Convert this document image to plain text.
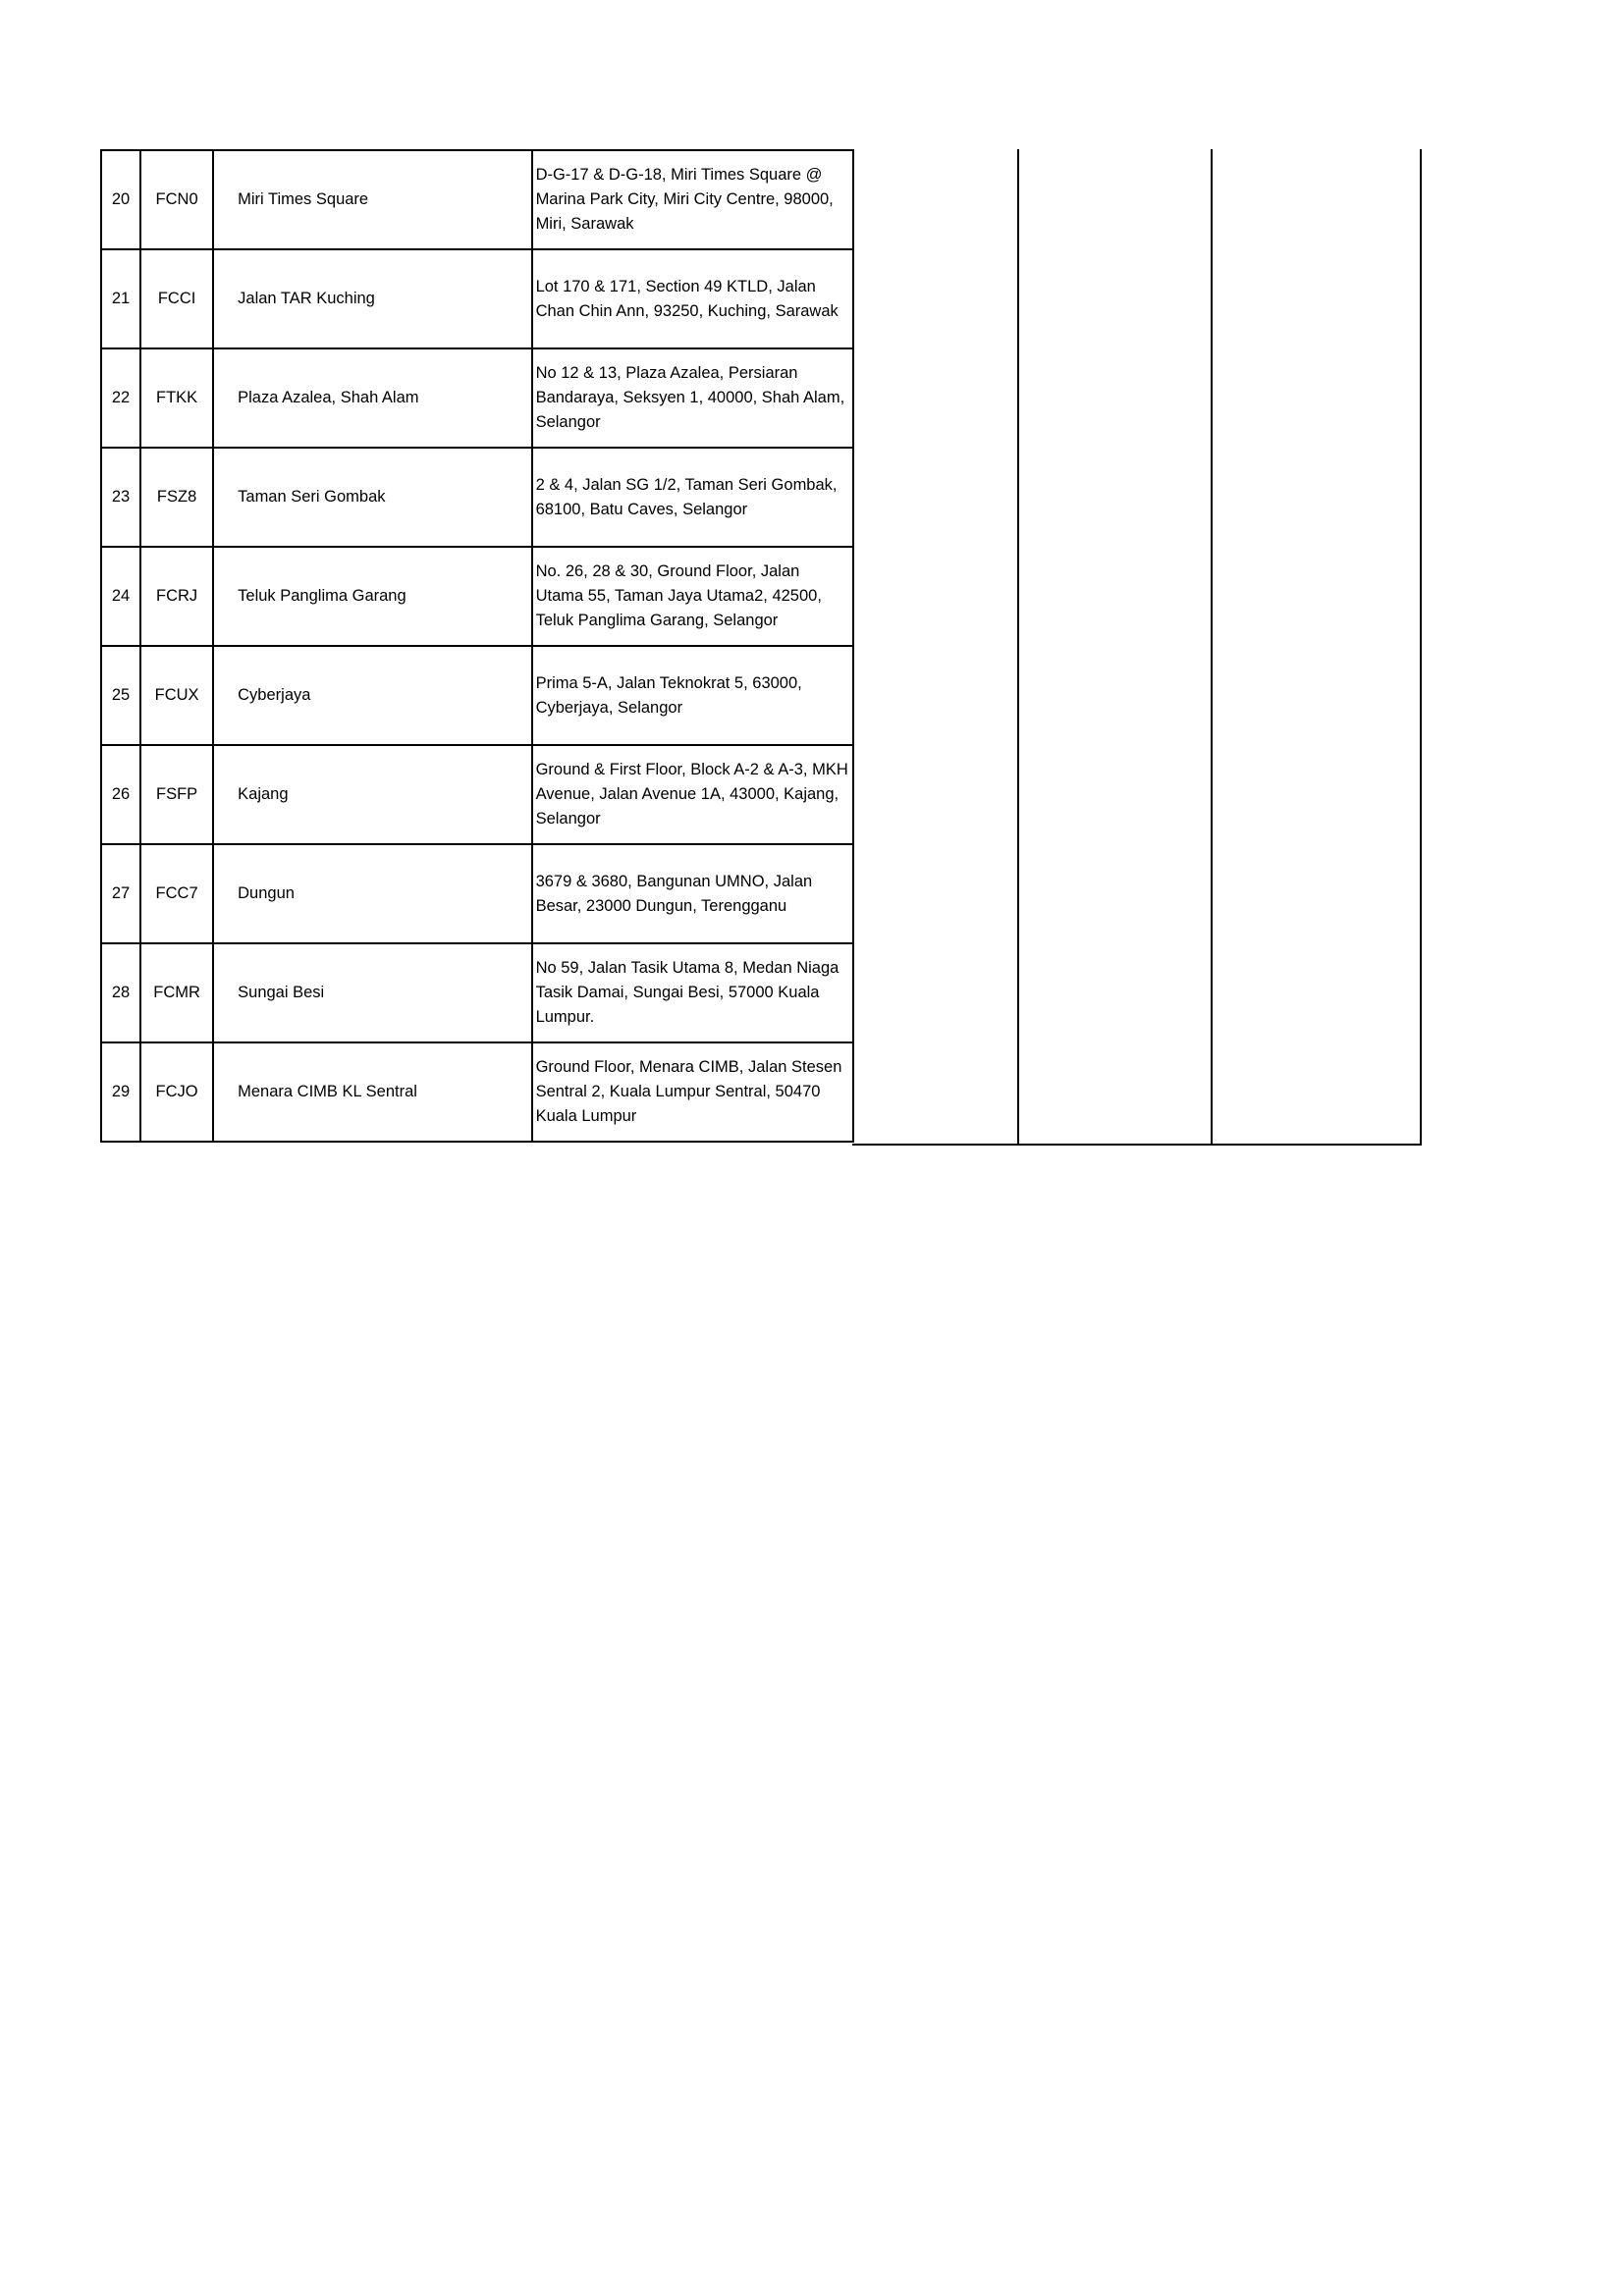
20	FCN0	Miri Times Square	D-G-17 & D-G-18, Miri Times Square @ Marina Park City, Miri City Centre, 98000, Miri, Sarawak
21	FCCI	Jalan TAR Kuching	Lot 170 & 171, Section 49 KTLD, Jalan Chan Chin Ann, 93250, Kuching, Sarawak
22	FTKK	Plaza Azalea, Shah Alam	No 12 & 13, Plaza Azalea, Persiaran Bandaraya, Seksyen 1, 40000, Shah Alam, Selangor
23	FSZ8	Taman Seri Gombak	2 & 4, Jalan SG 1/2, Taman Seri Gombak, 68100, Batu Caves, Selangor
24	FCRJ	Teluk Panglima Garang	No. 26, 28 & 30, Ground Floor, Jalan Utama 55, Taman Jaya Utama2, 42500, Teluk Panglima Garang, Selangor
25	FCUX	Cyberjaya	Prima 5-A, Jalan Teknokrat 5, 63000, Cyberjaya, Selangor
26	FSFP	Kajang	Ground & First Floor, Block A-2 & A-3, MKH Avenue, Jalan Avenue 1A, 43000, Kajang, Selangor
27	FCC7	Dungun	3679 & 3680, Bangunan UMNO, Jalan Besar, 23000 Dungun, Terengganu
28	FCMR	Sungai Besi	No 59, Jalan Tasik Utama 8, Medan Niaga Tasik Damai, Sungai Besi, 57000 Kuala Lumpur.
29	FCJO	Menara CIMB KL Sentral	Ground Floor, Menara CIMB, Jalan Stesen Sentral 2, Kuala Lumpur Sentral, 50470 Kuala Lumpur
